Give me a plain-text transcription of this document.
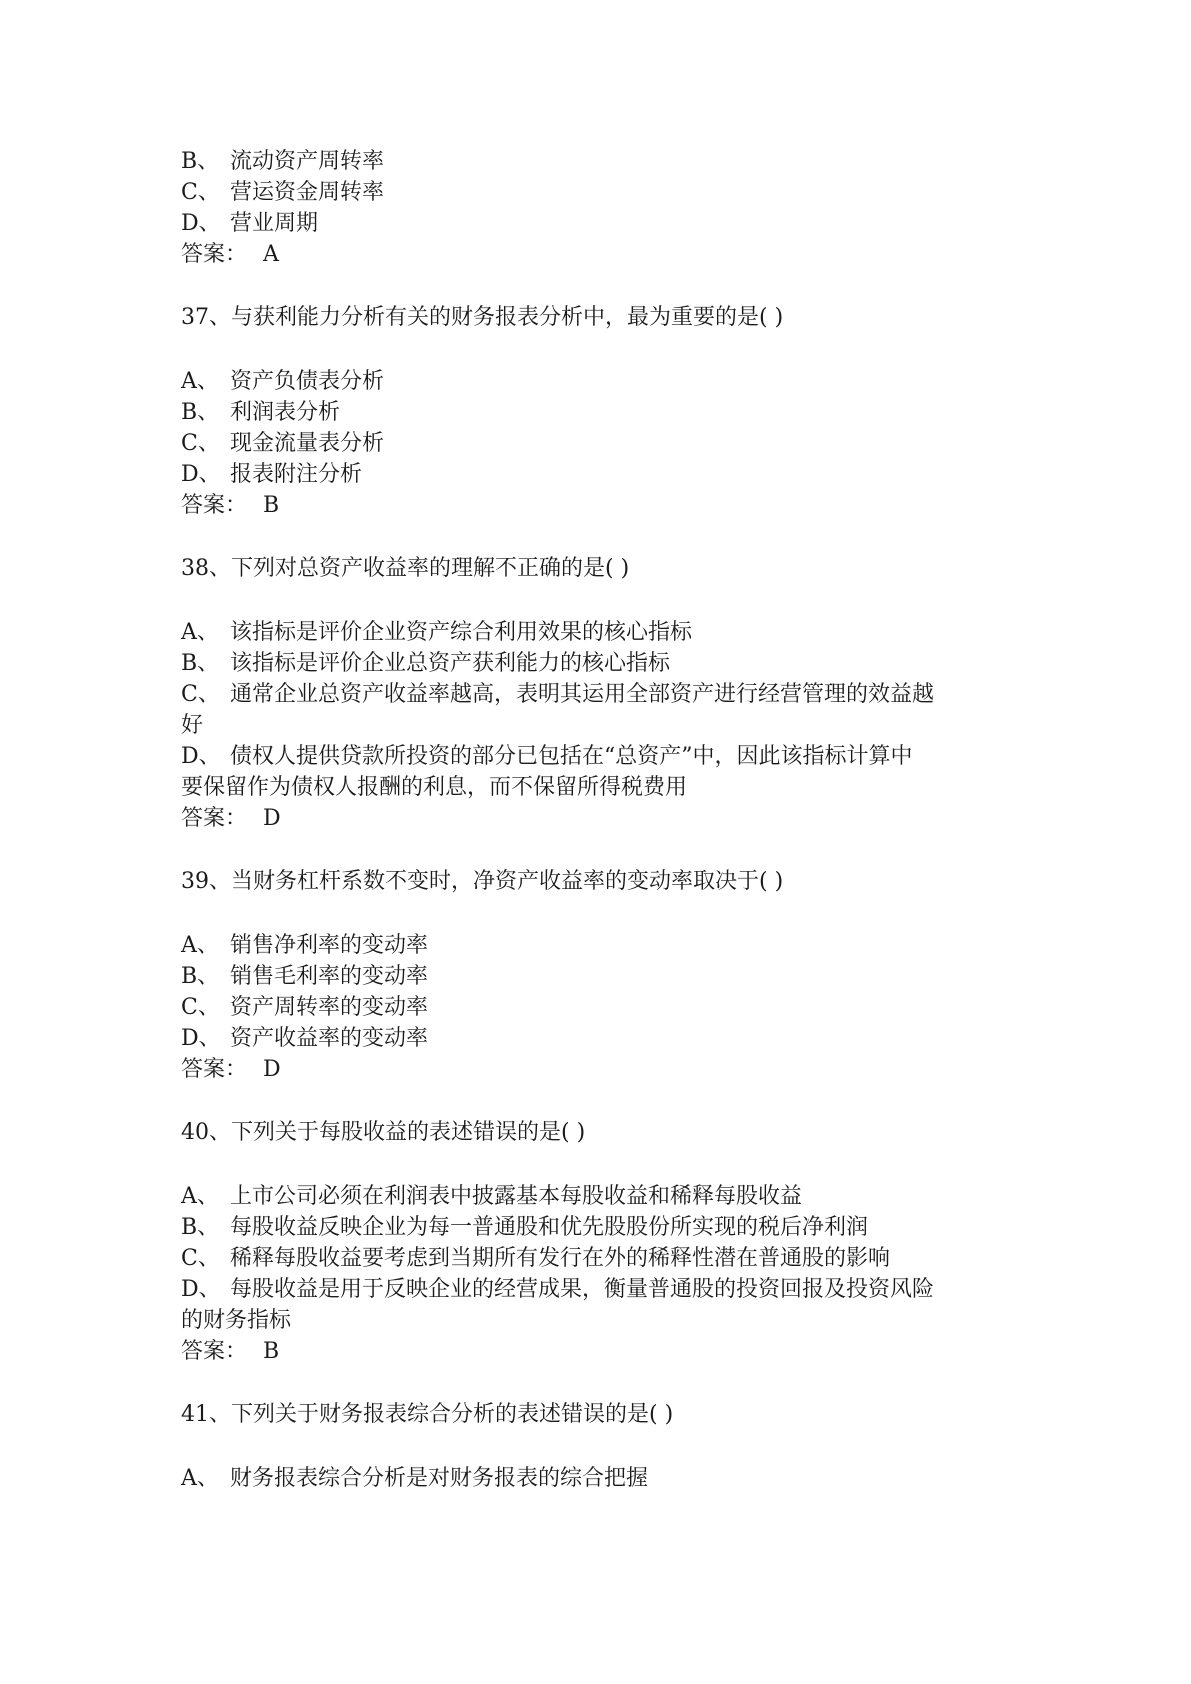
B、 流动资产周转率
C、 营运资金周转率
D、 营业周期
答案： A
37、与获利能力分析有关的财务报表分析中，最为重要的是( )
A、 资产负债表分析
B、 利润表分析
C、 现金流量表分析
D、 报表附注分析
答案： B
38、下列对总资产收益率的理解不正确的是( )
A、 该指标是评价企业资产综合利用效果的核心指标
B、 该指标是评价企业总资产获利能力的核心指标
C、 通常企业总资产收益率越高，表明其运用全部资产进行经营管理的效益越
好
D、 债权人提供贷款所投资的部分已包括在“总资产”中，因此该指标计算中
要保留作为债权人报酬的利息，而不保留所得税费用
答案： D
39、当财务杠杆系数不变时，净资产收益率的变动率取决于( )
A、 销售净利率的变动率
B、 销售毛利率的变动率
C、 资产周转率的变动率
D、 资产收益率的变动率
答案： D
40、下列关于每股收益的表述错误的是( )
A、 上市公司必须在利润表中披露基本每股收益和稀释每股收益
B、 每股收益反映企业为每一普通股和优先股股份所实现的税后净利润
C、 稀释每股收益要考虑到当期所有发行在外的稀释性潜在普通股的影响
D、 每股收益是用于反映企业的经营成果，衡量普通股的投资回报及投资风险
的财务指标
答案： B
41、下列关于财务报表综合分析的表述错误的是( )
A、 财务报表综合分析是对财务报表的综合把握
